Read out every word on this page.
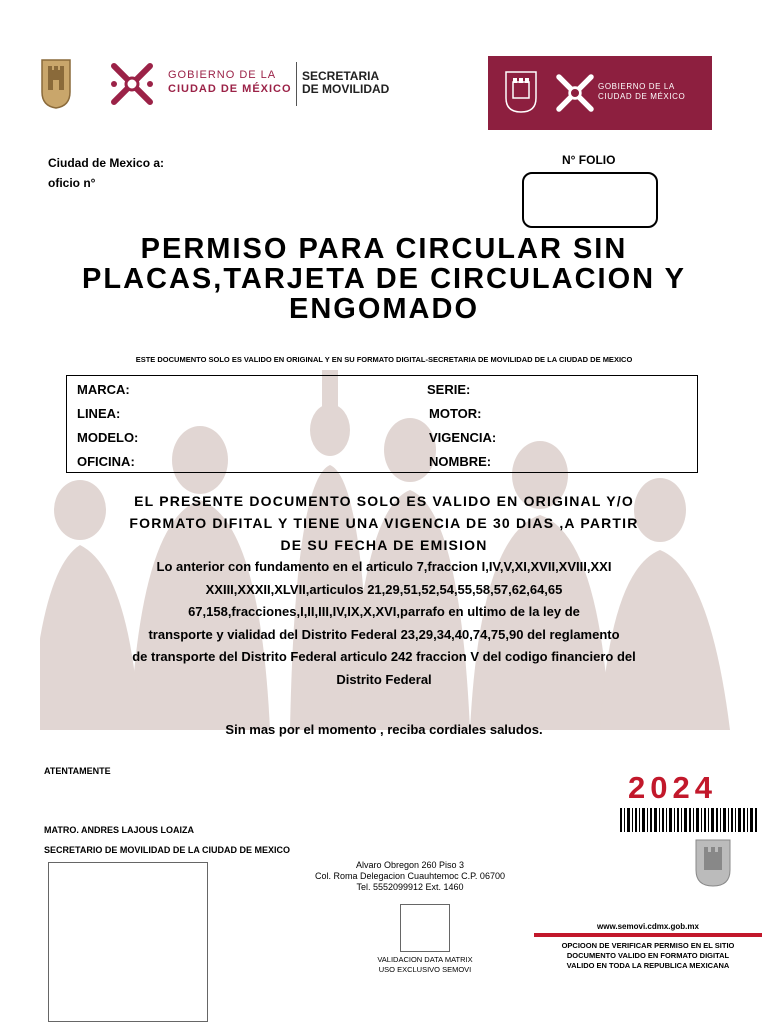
GOBIERNO DE LA
CIUDAD DE MÉXICO
SECRETARIA
DE MOVILIDAD	GOBIERNO DE LA
CIUDAD DE MÉXICO
Ciudad de Mexico a:
oficio n°
N° FOLIO
PERMISO PARA CIRCULAR SIN
PLACAS,TARJETA DE CIRCULACION Y
ENGOMADO
ESTE DOCUMENTO SOLO ES VALIDO EN ORIGINAL Y EN SU FORMATO DIGITAL-SECRETARIA DE MOVILIDAD DE LA CIUDAD DE MEXICO
MARCA:
LINEA:
MODELO:
OFICINA:
SERIE:
MOTOR:
VIGENCIA:
NOMBRE:
EL PRESENTE DOCUMENTO SOLO ES VALIDO EN ORIGINAL Y/O
FORMATO DIFITAL Y TIENE UNA VIGENCIA DE 30 DIAS ,A PARTIR
DE SU FECHA DE EMISION
Lo anterior con fundamento en el articulo 7,fraccion I,IV,V,XI,XVII,XVIII,XXI
XXIII,XXXII,XLVII,articulos 21,29,51,52,54,55,58,57,62,64,65
67,158,fracciones,I,II,III,IV,IX,X,XVI,parrafo en ultimo de la ley de
transporte y vialidad del Distrito Federal 23,29,34,40,74,75,90 del reglamento
de transporte del Distrito Federal articulo 242 fraccion V del codigo financiero del
Distrito Federal
Sin mas por el momento , reciba cordiales saludos.
ATENTAMENTE
MATRO. ANDRES LAJOUS LOAIZA
SECRETARIO DE MOVILIDAD DE LA CIUDAD DE MEXICO
2024
Alvaro Obregon 260 Piso 3
Col. Roma Delegacion Cuauhtemoc C.P. 06700
Tel. 5552099912 Ext. 1460
VALIDACION DATA MATRIX
USO EXCLUSIVO SEMOVI
www.semovi.cdmx.gob.mx
OPCIOON DE VERIFICAR PERMISO EN EL SITIO
DOCUMENTO VALIDO EN FORMATO DIGITAL
VALIDO EN TODA LA REPUBLICA MEXICANA
